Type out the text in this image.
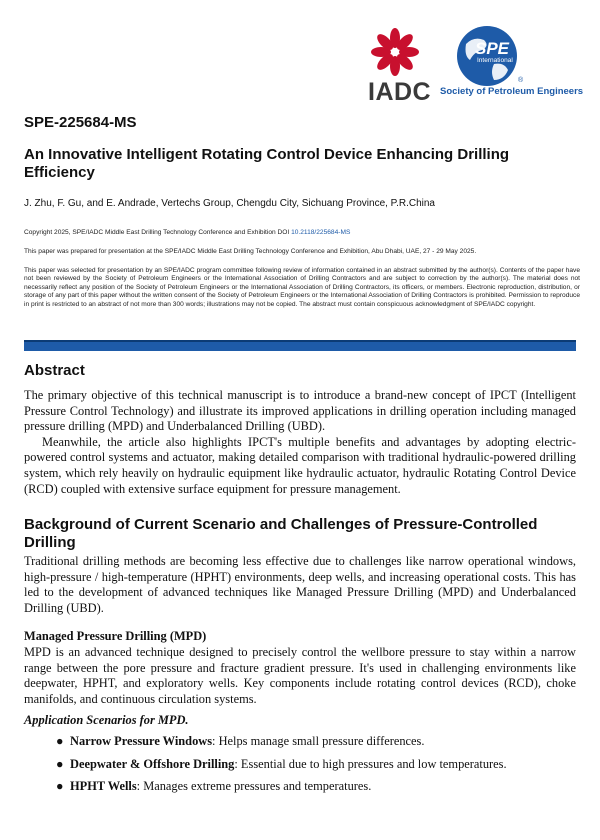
IADC
SPE
International
®
Society of Petroleum Engineers
SPE-225684-MS
An Innovative Intelligent Rotating Control Device Enhancing Drilling Efficiency
J. Zhu, F. Gu, and E. Andrade, Vertechs Group, Chengdu City, Sichuang Province, P.R.China
Copyright 2025, SPE/IADC Middle East Drilling Technology Conference and Exhibition DOI 10.2118/225684-MS
This paper was prepared for presentation at the SPE/IADC Middle East Drilling Technology Conference and Exhibition, Abu Dhabi, UAE, 27 - 29 May 2025.
This paper was selected for presentation by an SPE/IADC program committee following review of information contained in an abstract submitted by the author(s). Contents of the paper have not been reviewed by the Society of Petroleum Engineers or the International Association of Drilling Contractors and are subject to correction by the author(s). The material does not necessarily reflect any position of the Society of Petroleum Engineers or the International Association of Drilling Contractors, its officers, or members. Electronic reproduction, distribution, or storage of any part of this paper without the written consent of the Society of Petroleum Engineers or the International Association of Drilling Contractors is prohibited. Permission to reproduce in print is restricted to an abstract of not more than 300 words; illustrations may not be copied. The abstract must contain conspicuous acknowledgment of SPE/IADC copyright.
Abstract

The primary objective of this technical manuscript is to introduce a brand-new concept of IPCT (Intelligent Pressure Control Technology) and illustrate its improved applications in drilling operation including managed pressure drilling (MPD) and Underbalanced Drilling (UBD).

Meanwhile, the article also highlights IPCT's multiple benefits and advantages by adopting electric-powered control systems and actuator, making detailed comparison with traditional hydraulic-powered drilling system, which rely heavily on hydraulic equipment like hydraulic actuator, hydraulic Rotating Control Device (RCD) coupled with extensive surface equipment for pressure management.

Background of Current Scenario and Challenges of Pressure-Controlled Drilling
Traditional drilling methods are becoming less effective due to challenges like narrow operational windows, high-pressure / high-temperature (HPHT) environments, deep wells, and increasing operational costs. This has led to the development of advanced techniques like Managed Pressure Drilling (MPD) and Underbalanced Drilling (UBD).
Managed Pressure Drilling (MPD)
MPD is an advanced technique designed to precisely control the wellbore pressure to stay within a narrow range between the pore pressure and fracture gradient pressure. It's used in challenging environments like deepwater, HPHT, and exploratory wells. Key components include rotating control devices (RCD), choke manifolds, and continuous circulation systems.
Application Scenarios for MPD.
● Narrow Pressure Windows: Helps manage small pressure differences.
● Deepwater & Offshore Drilling: Essential due to high pressures and low temperatures.
● HPHT Wells: Manages extreme pressures and temperatures.
